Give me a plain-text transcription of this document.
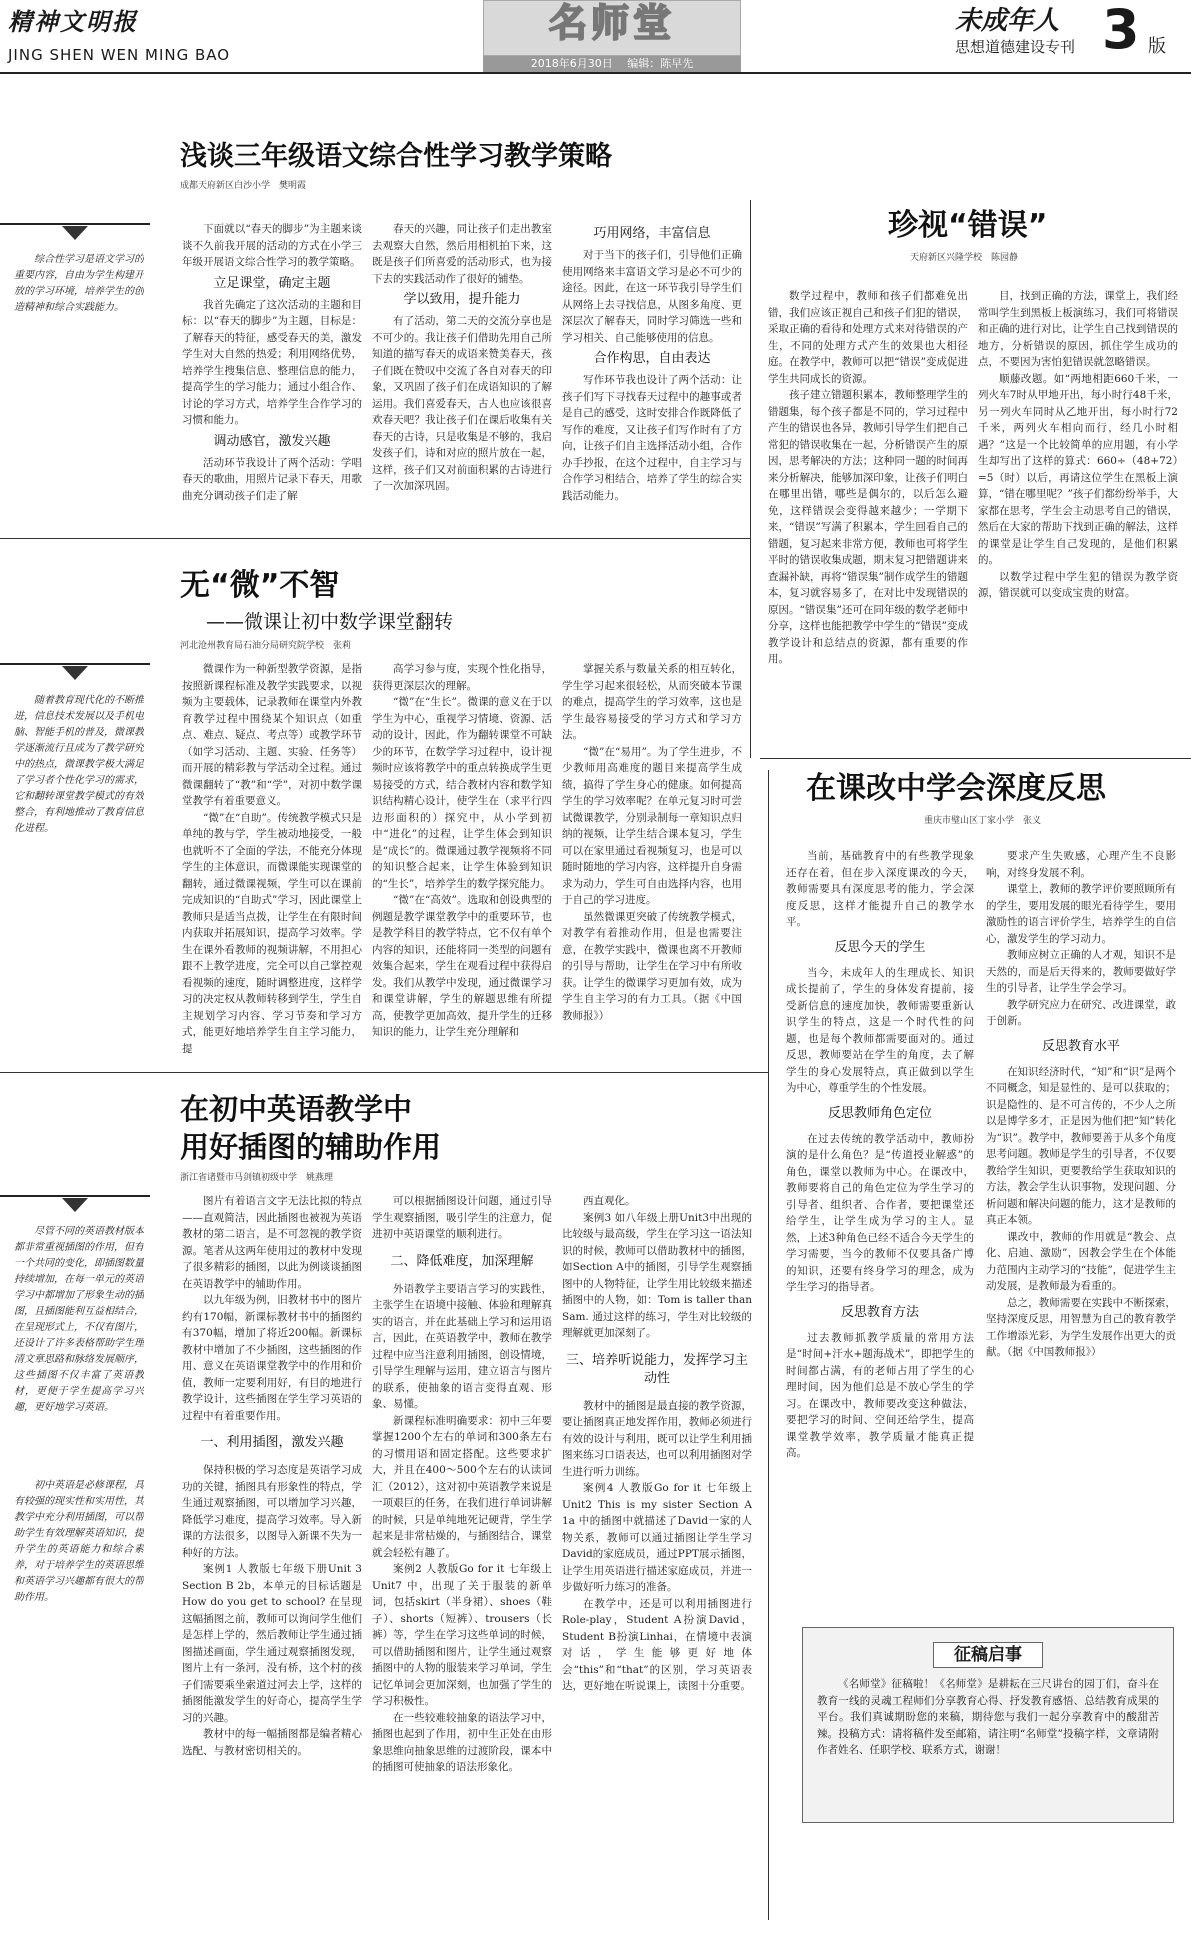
精神文明报
JING SHEN WEN MING BAO
名师堂
2018年6月30日　 编辑：陈早先
未成年人
思想道德建设专刊 3 版
浅谈三年级语文综合性学习教学策略
成都天府新区白沙小学　樊明霞
综合性学习是语文学习的重要内容，自由为学生构建开放的学习环境，培养学生的创造精神和综合实践能力。

下面就以“春天的脚步”为主题来谈谈不久前我开展的活动的方式在小学三年级开展语文综合性学习的教学策略。

立足课堂，确定主题

我首先确定了这次活动的主题和目标：以“春天的脚步”为主题，目标是：了解春天的特征，感受春天的美，激发学生对大自然的热爱；利用网络优势，培养学生搜集信息、整理信息的能力，提高学生的学习能力；通过小组合作、讨论的学习方式，培养学生合作学习的习惯和能力。

调动感官，激发兴趣

活动环节我设计了两个活动：学唱春天的歌曲，用照片记录下春天，用歌曲充分调动孩子们走了解

春天的兴趣，同让孩子们走出教室去观察大自然，然后用相机拍下来，这既是孩子们所喜爱的活动形式，也为接下去的实践活动作了很好的铺垫。

学以致用，提升能力

有了活动，第二天的交流分享也是不可少的。我让孩子们借助先用自己所知道的描写春天的成语来赞美春天，孩子们既在赞叹中交流了各自对春天的印象，又巩固了孩子们在成语知识的了解运用。我们喜爱春天，古人也应该很喜欢春天吧？我让孩子们在课后收集有关春天的古诗，只是收集是不够的，我启发孩子们，诗和对应的照片放在一起，这样，孩子们又对前面积累的古诗进行了一次加深巩固。

巧用网络，丰富信息

对于当下的孩子们，引导他们正确使用网络来丰富语文学习是必不可少的途径。因此，在这一环节我引导学生们从网络上去寻找信息，从图多角度、更深层次了解春天，同时学习筛选一些和学习相关、自己能够使用的信息。

合作构思，自由表达

写作环节我也设计了两个活动：让孩子们写下寻找春天过程中的趣事或者是自己的感受，这时安排合作既降低了写作的难度，又让孩子们写作时有了方向，让孩子们自主选择活动小组，合作办手抄报，在这个过程中，自主学习与合作学习相结合，培养了学生的综合实践活动能力。

无“微”不智
——微课让初中数学课堂翻转
河北沧州教育局石油分局研究院学校　张莉
随着教育现代化的不断推进，信息技术发展以及手机电脑、智能手机的普及，微课教学逐渐流行且成为了教学研究中的热点，微课教学极大满足了学习者个性化学习的需求，它和翻转课堂教学模式的有效整合，有利地推动了教育信息化进程。

微课作为一种新型教学资源，是指按照新课程标准及教学实践要求，以视频为主要载体，记录教师在课堂内外教育教学过程中围绕某个知识点（如重点、难点、疑点、考点等）或教学环节（如学习活动、主题、实验、任务等）而开展的精彩教与学活动全过程。通过微课翻转了“教”和“学”，对初中数学课堂教学有着重要意义。

“微”在“自助”。传统教学模式只是单纯的教与学，学生被动地接受，一般也就听不了全面的学法，不能充分体现学生的主体意识，而微课能实现课堂的翻转，通过微课视频，学生可以在课前完成知识的“自助式”学习，因此课堂上教师只是适当点拨，让学生在有限时间内获取并拓展知识，提高学习效率。学生在课外看教师的视频讲解，不用担心跟不上教学进度，完全可以自己掌控观看视频的速度，随时调整进度，这样学习的决定权从教师转移到学生，学生自主规划学习内容、学习节奏和学习方式，能更好地培养学生自主学习能力，提

高学习参与度，实现个性化指导，获得更深层次的理解。

“微”在“生长”。微课的意义在于以学生为中心，重视学习情境、资源、活动的设计，因此，作为翻转课堂不可缺少的环节，在数学学习过程中，设计视频时应该将教学中的重点转换成学生更易接受的方式，结合教材内容和数学知识结构精心设计，使学生在（求平行四边形面积的）探究中，从小学到初中“进化”的过程，让学生体会到知识是“成长”的。微课通过教学视频将不同的知识整合起来，让学生体验到知识的“生长”，培养学生的数学探究能力。

“微”在“高效”。选取和创设典型的例题是教学课堂教学中的重要环节，也是教学科目的教学特点，它不仅有单个内容的知识，还能将同一类型的问题有效集合起来，学生在观看过程中获得启发。我们从教学中发现，通过微课学习和课堂讲解，学生的解题思维有所提高，使教学更加高效，提升学生的迁移知识的能力，让学生充分理解和

掌握关系与数量关系的相互转化，学生学习起来很轻松，从而突破本节课的难点，提高学生的学习效率，这也是学生最容易接受的学习方式和学习方法。

“微”在“易用”。为了学生进步，不少教师用高难度的题目来提高学生成绩，搞得了学生身心的健康。如何提高学生的学习效率呢？在单元复习时可尝试微课教学，分别录制每一章知识点归纳的视频，让学生结合课本复习，学生可以在家里通过看视频复习，也是可以随时随地的学习内容，这样提升自身需求为动力，学生可自由选择内容，也用于自己的学习进度。

虽然微课更突破了传统教学模式，对教学有着推动作用，但是也需要注意，在教学实践中，微课也离不开教师的引导与帮助，让学生在学习中有所收获。让学生的微课学习更加有效，成为学生自主学习的有力工具。（据《中国教师报》）

在初中英语教学中
用好插图的辅助作用
浙江省诸暨市马剑镇初级中学　姚燕理
尽管不同的英语教材版本都非常重视插图的作用，但有一个共同的变化，即插图数量持续增加，在每一单元的英语学习中都增加了形象生动的插图，且插图能利互益相结合，在呈现形式上，不仅有图片，还设计了许多表格帮助学生理清文章思路和脉络发展顺序，这些插图不仅丰富了英语教材，更便于学生提高学习兴趣，更好地学习英语。
初中英语是必修课程，具有较强的现实性和实用性，其教学中充分利用插图，可以帮助学生有效理解英语知识，提升学生的英语能力和综合素养，对于培养学生的英语思维和英语学习兴趣都有很大的帮助作用。

图片有着语言文字无法比拟的特点——直观简洁，因此插图也被视为英语教材的第二语言，是不可忽视的教学资源。笔者从这两年使用过的教材中发现了很多精彩的插图，以此为例谈谈插图在英语教学中的辅助作用。

以九年级为例，旧教材书中的图片约有170幅，新课标教材书中的插图约有370幅，增加了将近200幅。新课标教材中增加了不少插图，这些插图的作用、意义在英语课堂教学中的作用和价值，教师一定要利用好，有目的地进行教学设计，这些插图在学生学习英语的过程中有着重要作用。

一、利用插图，激发兴趣

保持积极的学习态度是英语学习成功的关键，插图具有形象性的特点，学生通过观察插图，可以增加学习兴趣，降低学习难度，提高学习效率。导入新课的方法很多，以图导入新课不失为一种好的方法。

案例1 人教版七年级下册Unit 3 Section B 2b，本单元的目标话题是How do you get to school? 在呈现这幅插图之前，教师可以询问学生他们是怎样上学的，然后教师让学生通过插图描述画面，学生通过观察插图发现，图片上有一条河，没有桥，这个村的孩子们需要乘坐索道过河去上学，这样的插图能激发学生的好奇心，提高学生学习的兴趣。

教材中的每一幅插图都是编者精心选配、与教材密切相关的。

可以根据插图设计问题，通过引导学生观察插图，吸引学生的注意力，促进初中英语课堂的顺利进行。

二、降低难度，加深理解

外语教学主要语言学习的实践性，主张学生在语境中接触、体验和理解真实的语言，并在此基础上学习和运用语言，因此，在英语教学中，教师在教学过程中应当注意利用插图，创设情境，引导学生理解与运用，建立语言与图片的联系，使抽象的语言变得直观、形象、易懂。

新课程标准明确要求：初中三年要掌握1200个左右的单词和300条左右的习惯用语和固定搭配。这些要求扩大，并且在400～500个左右的认读词汇（2012），这对初中英语教学来说是一项艰巨的任务，在我们进行单词讲解的时候，只是单纯地死记硬背，学生学起来是非常枯燥的，与插图结合，课堂就会轻松有趣了。

案例2 人教版Go for it 七年级上Unit7 中，出现了关于服装的新单词，包括skirt（半身裙）、shoes（鞋子）、shorts（短裤）、trousers（长裤）等，学生在学习这些单词的时候，可以借助插图和图片，让学生通过观察插图中的人物的服装来学习单词，学生记忆单词会更加深刻，也加强了学生的学习积极性。

在一些较难较抽象的语法学习中，插图也起到了作用，初中生正处在由形象思维向抽象思维的过渡阶段，课本中的插图可使抽象的语法形象化。

西直观化。

案例3 如八年级上册Unit3中出现的比较级与最高级，学生在学习这一语法知识的时候，教师可以借助教材中的插图，如Section A中的插图，引导学生观察插图中的人物特征，让学生用比较级来描述插图中的人物，如：Tom is taller than Sam. 通过这样的练习，学生对比较级的理解就更加深刻了。

三、培养听说能力，发挥学习主动性

教材中的插图是最直接的教学资源，要让插图真正地发挥作用，教师必须进行有效的设计与利用，既可以让学生利用插图来练习口语表达，也可以利用插图对学生进行听力训练。

案例4 人教版Go for it 七年级上Unit2 This is my sister Section A 1a 中的插图中就描述了David一家的人物关系，教师可以通过插图让学生学习David的家庭成员，通过PPT展示插图，让学生用英语进行描述家庭成员，并进一步做好听力练习的准备。

在教学中，还是可以利用插图进行Role-play，Student A扮演David，Student B扮演Linhai，在情境中表演对话，学生能够更好地体会“this”和“that”的区别，学习英语表达，更好地在听说课上，读图十分重要。

珍视“错误”
天府新区兴隆学校　陈园静

数学过程中，教师和孩子们都难免出错，我们应该正视自己和孩子们犯的错误，采取正确的看待和处理方式来对待错误的产生，不同的处理方式产生的效果也大相径庭。在教学中，教师可以把“错误”变成促进学生共同成长的资源。

孩子建立错题积累本，教师整理学生的错题集，每个孩子都是不同的，学习过程中产生的错误也各异，教师引导学生们把自己常犯的错误收集在一起，分析错误产生的原因，思考解决的方法；这种同一题的时间再来分析解决，能够加深印象，让孩子们明白在哪里出错，哪些是偶尔的，以后怎么避免，这样错误会变得越来越少；一学期下来，“错误”写满了积累本，学生回看自己的错题，复习起来非常方便，教师也可将学生平时的错误收集成题，期末复习把错题讲来查漏补缺，再将“错误集”制作成学生的错题本，复习就容易多了，在对比中发现错误的原因。“错误集”还可在同年级的数学老师中分享，这样也能把教学中学生的“错误”变成教学设计和总结点的资源，都有重要的作用。

目，找到正确的方法，课堂上，我们经常叫学生到黑板上板演练习，我们可将错误和正确的进行对比，让学生自己找到错误的地方，分析错误的原因，抓住学生成功的点，不要因为害怕犯错误就忽略错误。

顺藤改题。如“两地相距660千米，一列火车7时从甲地开出，每小时行48千米，另一列火车同时从乙地开出，每小时行72千米，两列火车相向而行，经几小时相遇？”这是一个比较简单的应用题，有小学生却写出了这样的算式：660÷（48+72）=5（时）以后，再请这位学生在黑板上演算，“错在哪里呢？”孩子们都纷纷举手，大家都在思考，学生会主动思考自己的错误，然后在大家的帮助下找到正确的解法，这样的课堂是让学生自己发现的，是他们积累的。

以数学过程中学生犯的错误为教学资源，错误就可以变成宝贵的财富。

在课改中学会深度反思
重庆市璧山区丁家小学　张义

当前，基础教育中的有些教学现象还存在着，但在步入深度课改的今天，教师需要具有深度思考的能力，学会深度反思，这样才能提升自己的教学水平。

反思今天的学生

当今，未成年人的生理成长、知识成长提前了，学生的身体发育提前，接受新信息的速度加快，教师需要重新认识学生的特点，这是一个时代性的问题，也是每个教师都需要面对的。通过反思，教师要站在学生的角度，去了解学生的身心发展特点，真正做到以学生为中心，尊重学生的个性发展。

反思教师角色定位

在过去传统的教学活动中，教师扮演的是什么角色？是“传道授业解惑”的角色，课堂以教师为中心。在课改中，教师要将自己的角色定位为学生学习的引导者、组织者、合作者，要把课堂还给学生，让学生成为学习的主人。显然，上述3种角色已经不适合今天学生的学习需要，当今的教师不仅要具备广博的知识，还要有终身学习的理念，成为学生学习的指导者。

反思教育方法

过去教师抓教学质量的常用方法是“时间+汗水+题海战术”，即把学生的时间都占满，有的老师占用了学生的心理时间，因为他们总是不放心学生的学习。在课改中，教师要改变这种做法，要把学习的时间、空间还给学生，提高课堂教学效率，教学质量才能真正提高。

要求产生失败感，心理产生不良影响，对终身发展不利。

课堂上，教师的教学评价要照顾所有的学生，要用发展的眼光看待学生，要用激励性的语言评价学生，培养学生的自信心，激发学生的学习动力。

教师应树立正确的人才观，知识不是天然的，而是后天得来的，教师要做好学生的引导者，让学生学会学习。

教学研究应力在研究、改进课堂，敢于创新。

反思教育水平

在知识经济时代，“知”和“识”是两个不同概念，知是显性的、是可以获取的；识是隐性的、是不可言传的，不少人之所以是博学多才，正是因为他们把“知”转化为“识”。教学中，教师要善于从多个角度思考问题。教师是学生的引导者，不仅要教给学生知识，更要教给学生获取知识的方法，教会学生认识事物，发现问题、分析问题和解决问题的能力，这才是教师的真正本领。

课改中，教师的作用就是“教会、点化、启迪、激励”，因教会学生在个体能力范围内主动学习的“技能”，促进学生主动发展，是教师最为看重的。

总之，教师需要在实践中不断探索，坚持深度反思，用智慧为自己的教育教学工作增添光彩，为学生发展作出更大的贡献。（据《中国教师报》）

征稿启事

《名师堂》征稿啦！《名师堂》是耕耘在三尺讲台的园丁们，奋斗在教育一线的灵魂工程师们分享教育心得、抒发教育感悟、总结教育成果的平台。我们真诚期盼您的来稿，期待您与我们一起分享教育中的酸甜苦辣。投稿方式：请将稿件发至邮箱，请注明“名师堂”投稿字样，文章请附作者姓名、任职学校、联系方式，谢谢！
